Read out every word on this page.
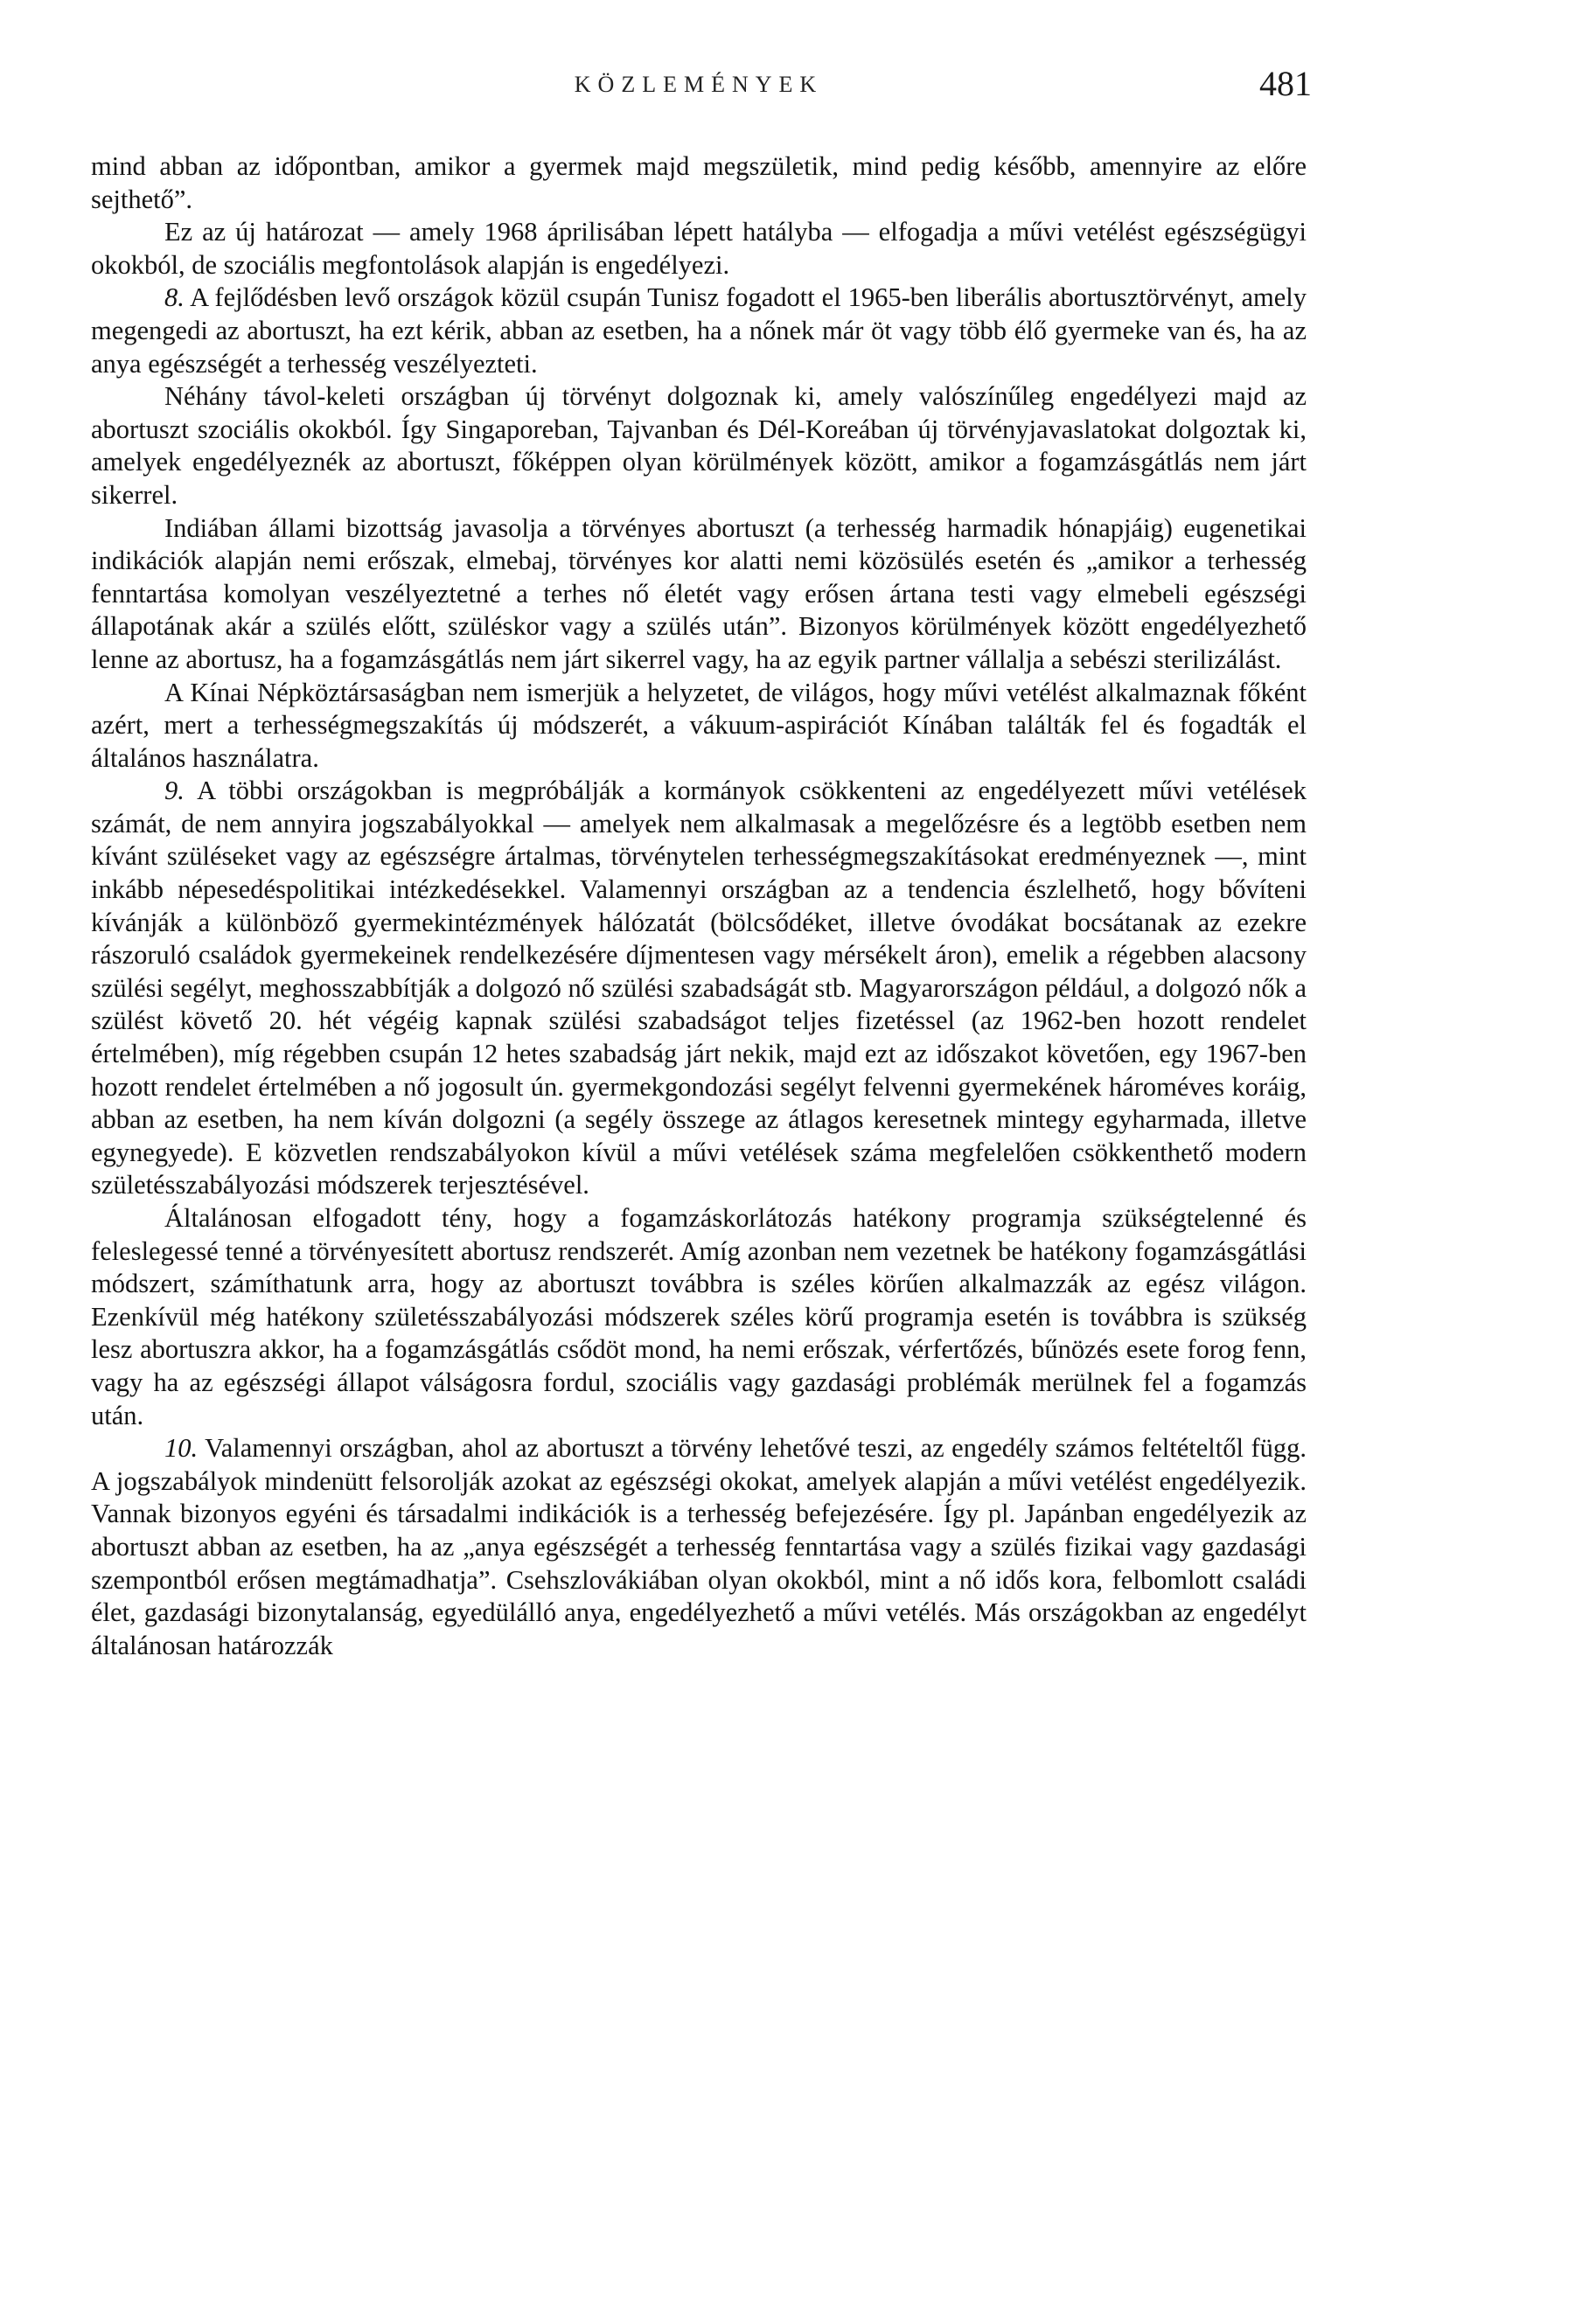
KÖZLEMÉNYEK	481

mind abban az időpontban, amikor a gyermek majd megszületik, mind pedig később, amennyire az előre sejthető”.

Ez az új határozat — amely 1968 áprilisában lépett hatályba — elfogadja a művi vetélést egészségügyi okokból, de szociális megfontolások alapján is engedélyezi.

8. A fejlődésben levő országok közül csupán Tunisz fogadott el 1965-ben liberális abortusztörvényt, amely megengedi az abortuszt, ha ezt kérik, abban az esetben, ha a nőnek már öt vagy több élő gyermeke van és, ha az anya egészségét a terhesség veszélyezteti.

Néhány távol-keleti országban új törvényt dolgoznak ki, amely valószínűleg engedélyezi majd az abortuszt szociális okokból. Így Singaporeban, Tajvanban és Dél-Koreában új törvényjavaslatokat dolgoztak ki, amelyek engedélyeznék az abortuszt, főképpen olyan körülmények között, amikor a fogamzásgátlás nem járt sikerrel.

Indiában állami bizottság javasolja a törvényes abortuszt (a terhesség harmadik hónapjáig) eugenetikai indikációk alapján nemi erőszak, elmebaj, törvényes kor alatti nemi közösülés esetén és „amikor a terhesség fenntartása komolyan veszélyeztetné a terhes nő életét vagy erősen ártana testi vagy elmebeli egészségi állapotának akár a szülés előtt, szüléskor vagy a szülés után”. Bizonyos körülmények között engedélyezhető lenne az abortusz, ha a fogamzásgátlás nem járt sikerrel vagy, ha az egyik partner vállalja a sebészi sterilizálást.

A Kínai Népköztársaságban nem ismerjük a helyzetet, de világos, hogy művi vetélést alkalmaznak főként azért, mert a terhességmegszakítás új módszerét, a vákuum-aspirációt Kínában találták fel és fogadták el általános használatra.

9. A többi országokban is megpróbálják a kormányok csökkenteni az engedélyezett művi vetélések számát, de nem annyira jogszabályokkal — amelyek nem alkalmasak a megelőzésre és a legtöbb esetben nem kívánt szüléseket vagy az egészségre ártalmas, törvénytelen terhességmegszakításokat eredményeznek —, mint inkább népesedéspolitikai intézkedésekkel. Valamennyi országban az a tendencia észlelhető, hogy bővíteni kívánják a különböző gyermekintézmények hálózatát (bölcsődéket, illetve óvodákat bocsátanak az ezekre rászoruló családok gyermekeinek rendelkezésére díjmentesen vagy mérsékelt áron), emelik a régebben alacsony szülési segélyt, meghosszabbítják a dolgozó nő szülési szabadságát stb. Magyarországon például, a dolgozó nők a szülést követő 20. hét végéig kapnak szülési szabadságot teljes fizetéssel (az 1962-ben hozott rendelet értelmében), míg régebben csupán 12 hetes szabadság járt nekik, majd ezt az időszakot követően, egy 1967-ben hozott rendelet értelmében a nő jogosult ún. gyermekgondozási segélyt felvenni gyermekének hároméves koráig, abban az esetben, ha nem kíván dolgozni (a segély összege az átlagos keresetnek mintegy egyharmada, illetve egynegyede). E közvetlen rendszabályokon kívül a művi vetélések száma megfelelően csökkenthető modern születésszabályozási módszerek terjesztésével.

Általánosan elfogadott tény, hogy a fogamzáskorlátozás hatékony programja szükségtelenné és feleslegessé tenné a törvényesített abortusz rendszerét. Amíg azonban nem vezetnek be hatékony fogamzásgátlási módszert, számíthatunk arra, hogy az abortuszt továbbra is széles körűen alkalmazzák az egész világon. Ezenkívül még hatékony születésszabályozási módszerek széles körű programja esetén is továbbra is szükség lesz abortuszra akkor, ha a fogamzásgátlás csődöt mond, ha nemi erőszak, vérfertőzés, bűnözés esete forog fenn, vagy ha az egészségi állapot válságosra fordul, szociális vagy gazdasági problémák merülnek fel a fogamzás után.

10. Valamennyi országban, ahol az abortuszt a törvény lehetővé teszi, az engedély számos feltételtől függ. A jogszabályok mindenütt felsorolják azokat az egészségi okokat, amelyek alapján a művi vetélést engedélyezik. Vannak bizonyos egyéni és társadalmi indikációk is a terhesség befejezésére. Így pl. Japánban engedélyezik az abortuszt abban az esetben, ha az „anya egészségét a terhesség fenntartása vagy a szülés fizikai vagy gazdasági szempontból erősen megtámadhatja”. Csehszlovákiában olyan okokból, mint a nő idős kora, felbomlott családi élet, gazdasági bizonytalanság, egyedülálló anya, engedélyezhető a művi vetélés. Más országokban az engedélyt általánosan határozzák
